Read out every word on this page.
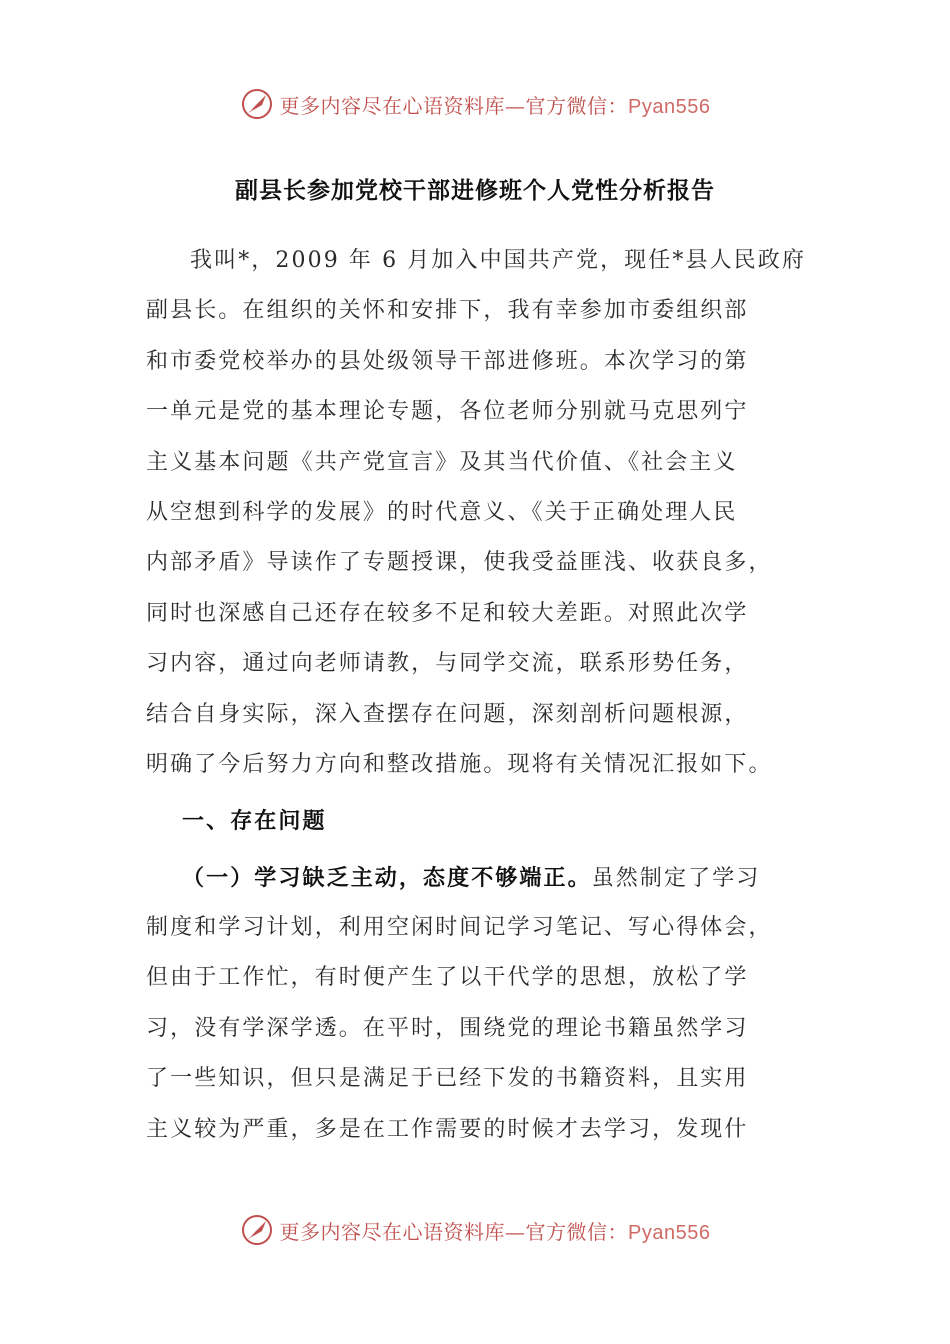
更多内容尽在心语资料库—官方微信：Pyan556
副县长参加党校干部进修班个人党性分析报告
我叫*，2009 年 6 月加入中国共产党，现任*县人民政府
副县长。在组织的关怀和安排下，我有幸参加市委组织部
和市委党校举办的县处级领导干部进修班。本次学习的第
一单元是党的基本理论专题，各位老师分别就马克思列宁
主义基本问题《共产党宣言》及其当代价值、《社会主义
从空想到科学的发展》的时代意义、《关于正确处理人民
内部矛盾》导读作了专题授课，使我受益匪浅、收获良多，
同时也深感自己还存在较多不足和较大差距。对照此次学
习内容，通过向老师请教，与同学交流，联系形势任务，
结合自身实际，深入查摆存在问题，深刻剖析问题根源，
明确了今后努力方向和整改措施。现将有关情况汇报如下。
一、存在问题
（一）学习缺乏主动，态度不够端正。虽然制定了学习
制度和学习计划，利用空闲时间记学习笔记、写心得体会，
但由于工作忙，有时便产生了以干代学的思想，放松了学
习，没有学深学透。在平时，围绕党的理论书籍虽然学习
了一些知识，但只是满足于已经下发的书籍资料，且实用
主义较为严重，多是在工作需要的时候才去学习，发现什
更多内容尽在心语资料库—官方微信：Pyan556
